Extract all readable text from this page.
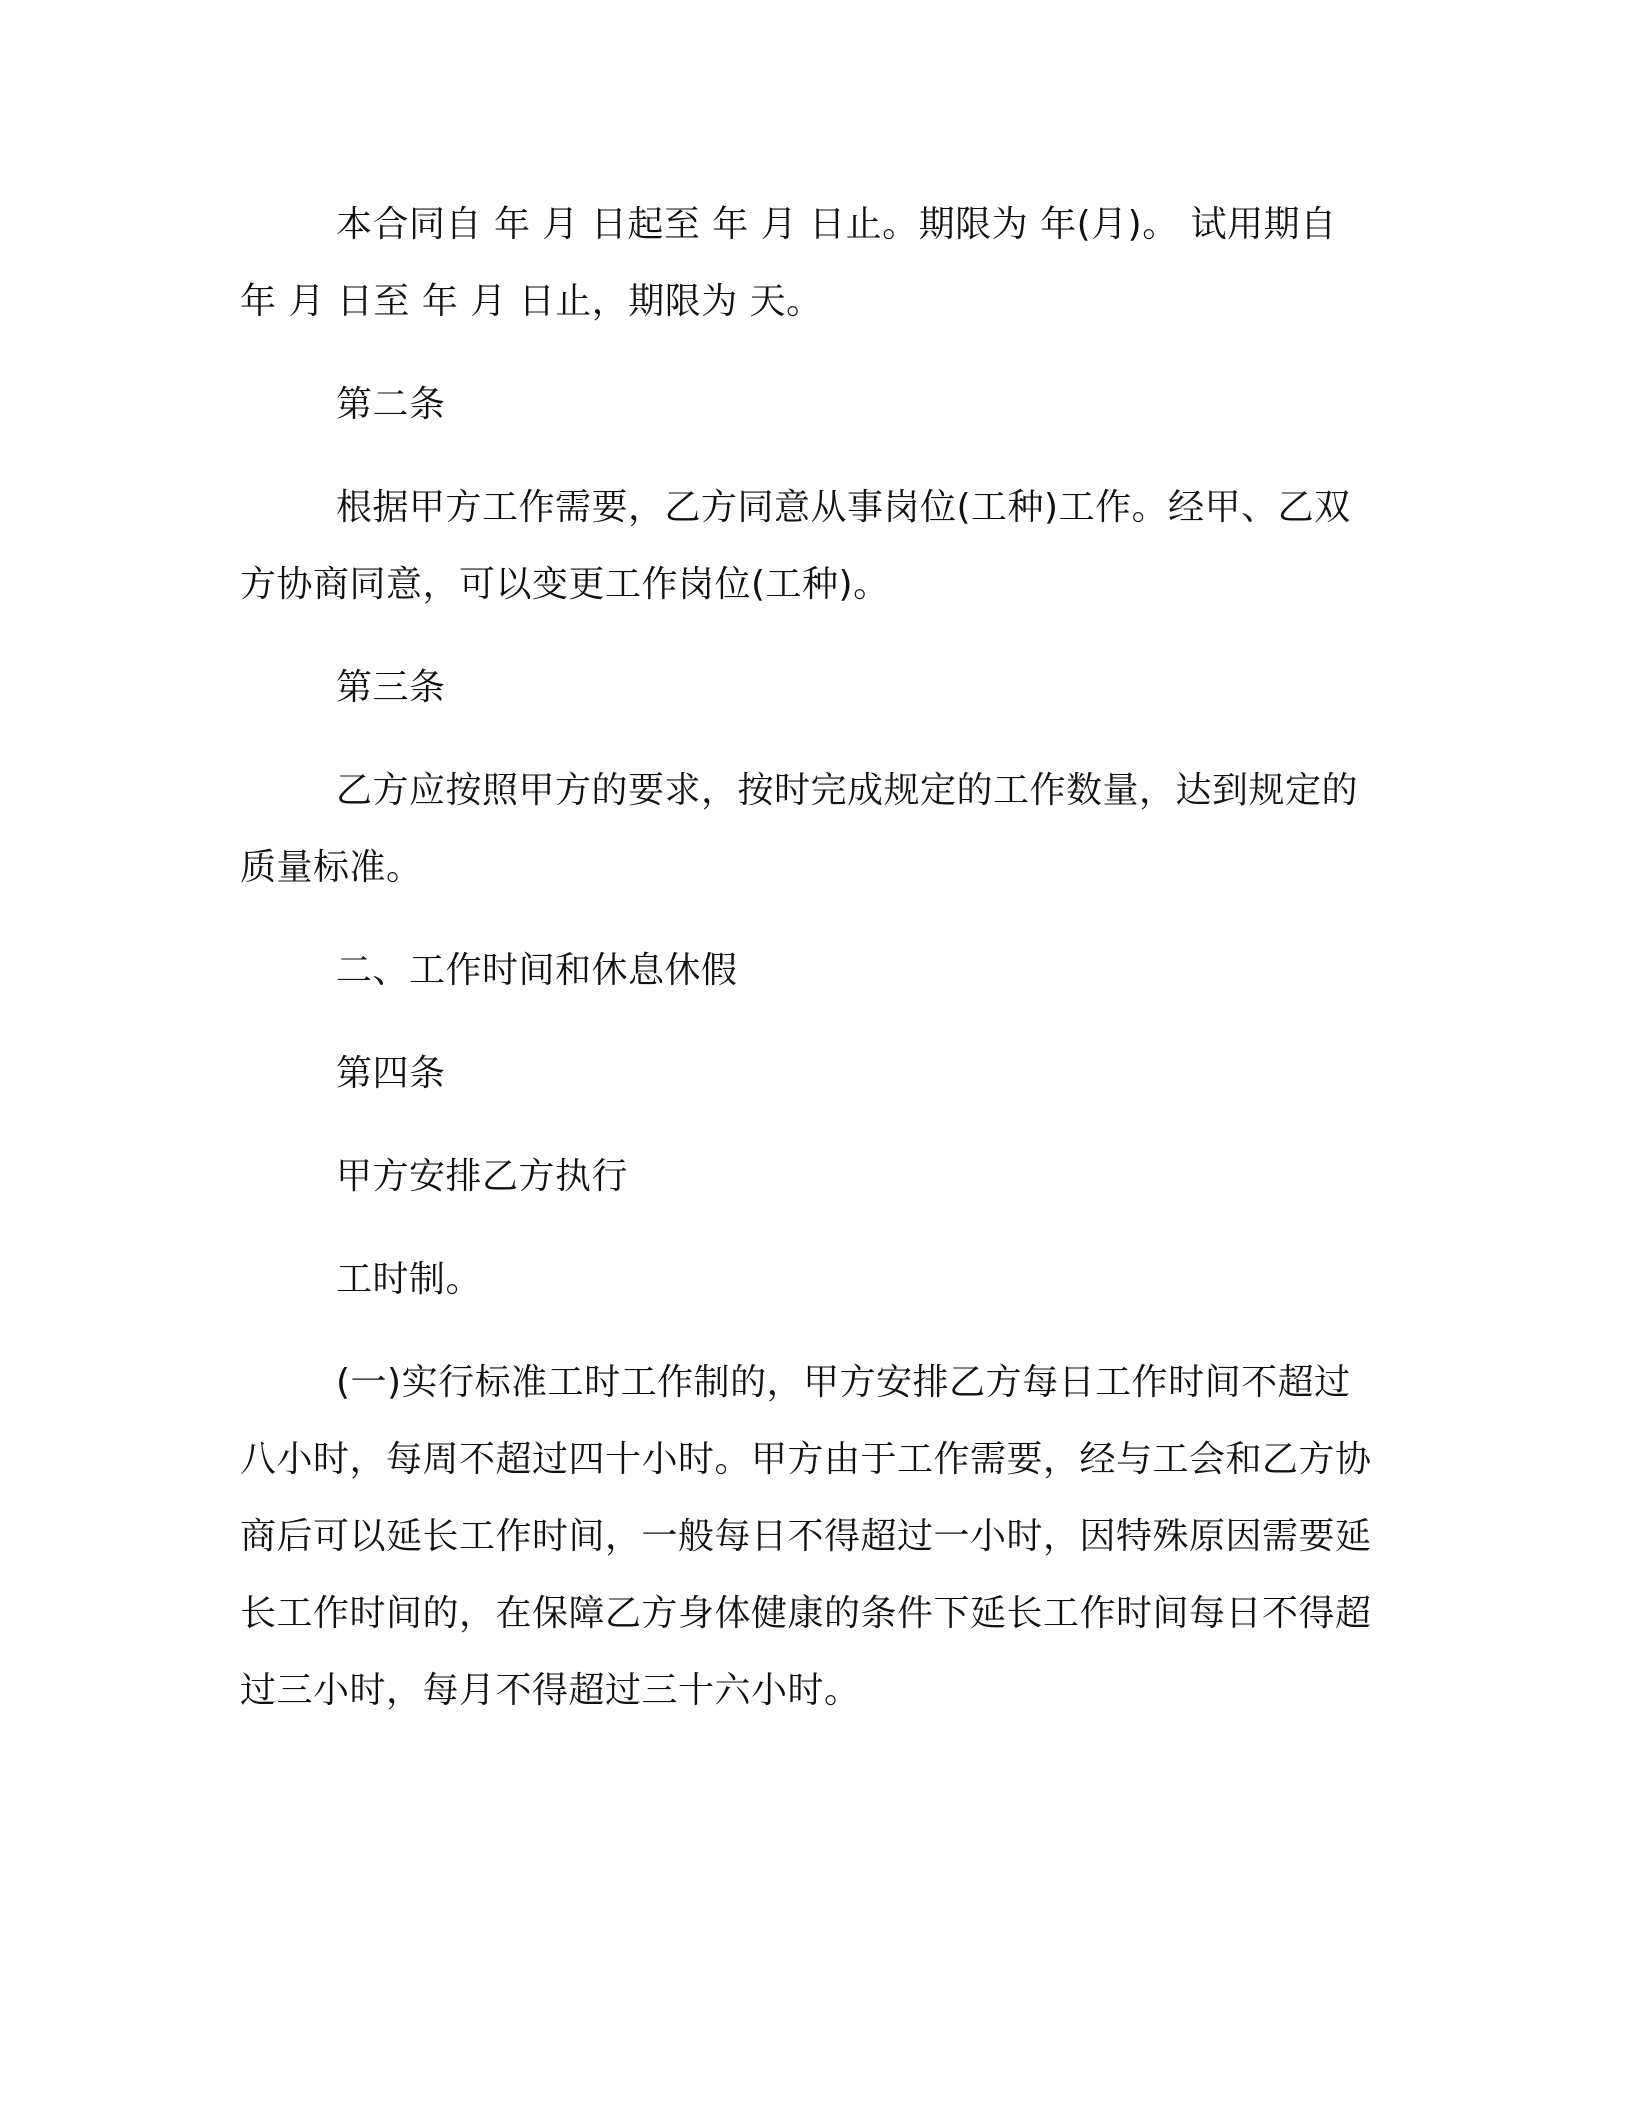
本合同自 年 月 日起至 年 月 日止。期限为 年(月)。 试用期自 年 月 日至 年 月 日止，期限为 天。

第二条

根据甲方工作需要，乙方同意从事岗位(工种)工作。经甲、乙双方协商同意，可以变更工作岗位(工种)。

第三条

乙方应按照甲方的要求，按时完成规定的工作数量，达到规定的质量标准。

二、工作时间和休息休假

第四条

甲方安排乙方执行

工时制。

(一)实行标准工时工作制的，甲方安排乙方每日工作时间不超过八小时，每周不超过四十小时。甲方由于工作需要，经与工会和乙方协商后可以延长工作时间，一般每日不得超过一小时，因特殊原因需要延长工作时间的，在保障乙方身体健康的条件下延长工作时间每日不得超过三小时，每月不得超过三十六小时。
